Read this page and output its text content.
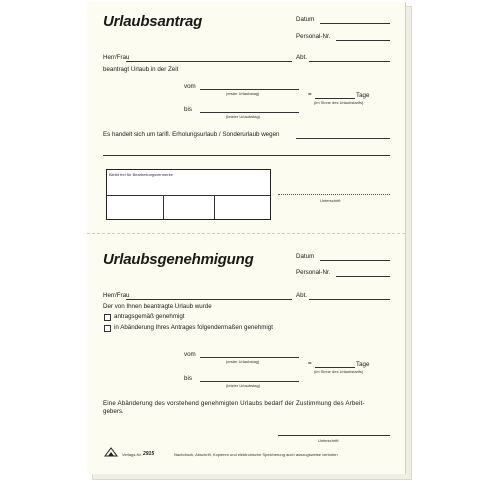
Urlaubsantrag	Datum
Personal-Nr.
Herr/Frau	Abt.
beantragt Urlaub in der Zeit
vom
(erster Urlaubstag)	=	Tage
(im Sinne des Urlaubstarifs)
bis
(letzter Urlaubstag)
Es handelt sich um tarifl. Erholungsurlaub / Sonderurlaub wegen
Bleibt frei für Bearbeitungsvermerke
Unterschrift
Urlaubsgenehmigung	Datum
Personal-Nr.
Herr/Frau	Abt.
Der von Ihnen beantragte Urlaub wurde
antragsgemäß genehmigt
in Abänderung Ihres Antrages folgendermaßen genehmigt
vom
(erster Urlaubstag)	=	Tage
(im Sinne des Urlaubstarifs)
bis
(letzter Urlaubstag)
Eine Abänderung des vorstehend genehmigten Urlaubs bedarf der Zustimmung des Arbeit-
gebers.
Unterschrift
Verlags-Nr. 2915	Nachdruck, Abschrift, Kopieren und elektronische Speicherung auch auszugsweise verboten
